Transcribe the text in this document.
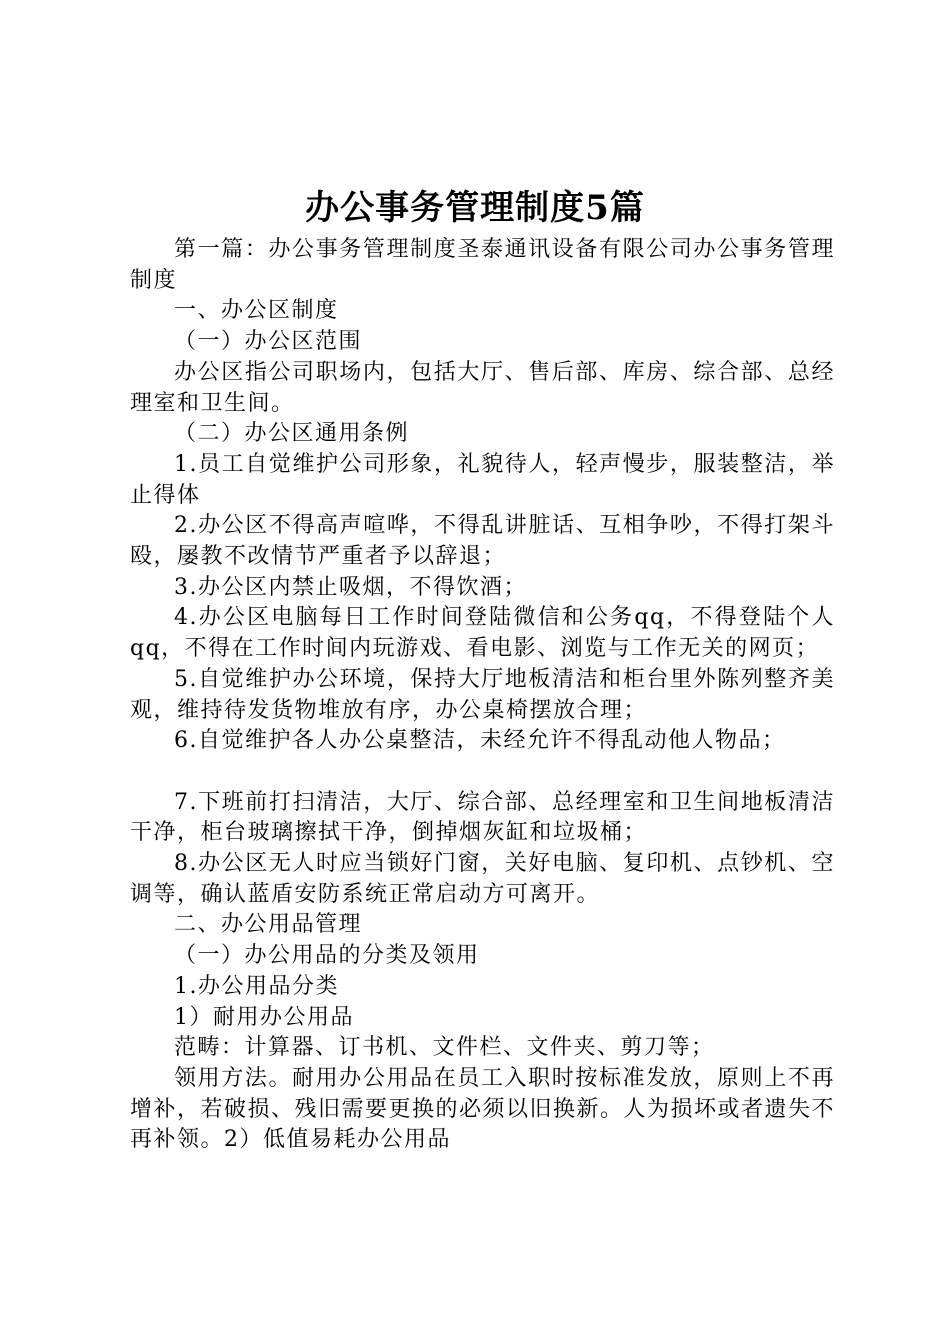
办公事务管理制度5篇

第一篇：办公事务管理制度圣泰通讯设备有限公司办公事务管理制度

一、办公区制度

（一）办公区范围

办公区指公司职场内，包括大厅、售后部、库房、综合部、总经理室和卫生间。

（二）办公区通用条例

1.员工自觉维护公司形象，礼貌待人，轻声慢步，服装整洁，举止得体

2.办公区不得高声喧哗，不得乱讲脏话、互相争吵，不得打架斗殴，屡教不改情节严重者予以辞退；

3.办公区内禁止吸烟，不得饮酒；

4.办公区电脑每日工作时间登陆微信和公务qq，不得登陆个人qq，不得在工作时间内玩游戏、看电影、浏览与工作无关的网页；

5.自觉维护办公环境，保持大厅地板清洁和柜台里外陈列整齐美观，维持待发货物堆放有序，办公桌椅摆放合理；

6.自觉维护各人办公桌整洁，未经允许不得乱动他人物品；

7.下班前打扫清洁，大厅、综合部、总经理室和卫生间地板清洁干净，柜台玻璃擦拭干净，倒掉烟灰缸和垃圾桶；

8.办公区无人时应当锁好门窗，关好电脑、复印机、点钞机、空调等，确认蓝盾安防系统正常启动方可离开。

二、办公用品管理

（一）办公用品的分类及领用

1.办公用品分类

1）耐用办公用品

范畴：计算器、订书机、文件栏、文件夹、剪刀等；

领用方法。耐用办公用品在员工入职时按标准发放，原则上不再增补，若破损、残旧需要更换的必须以旧换新。人为损坏或者遗失不再补领。2）低值易耗办公用品
